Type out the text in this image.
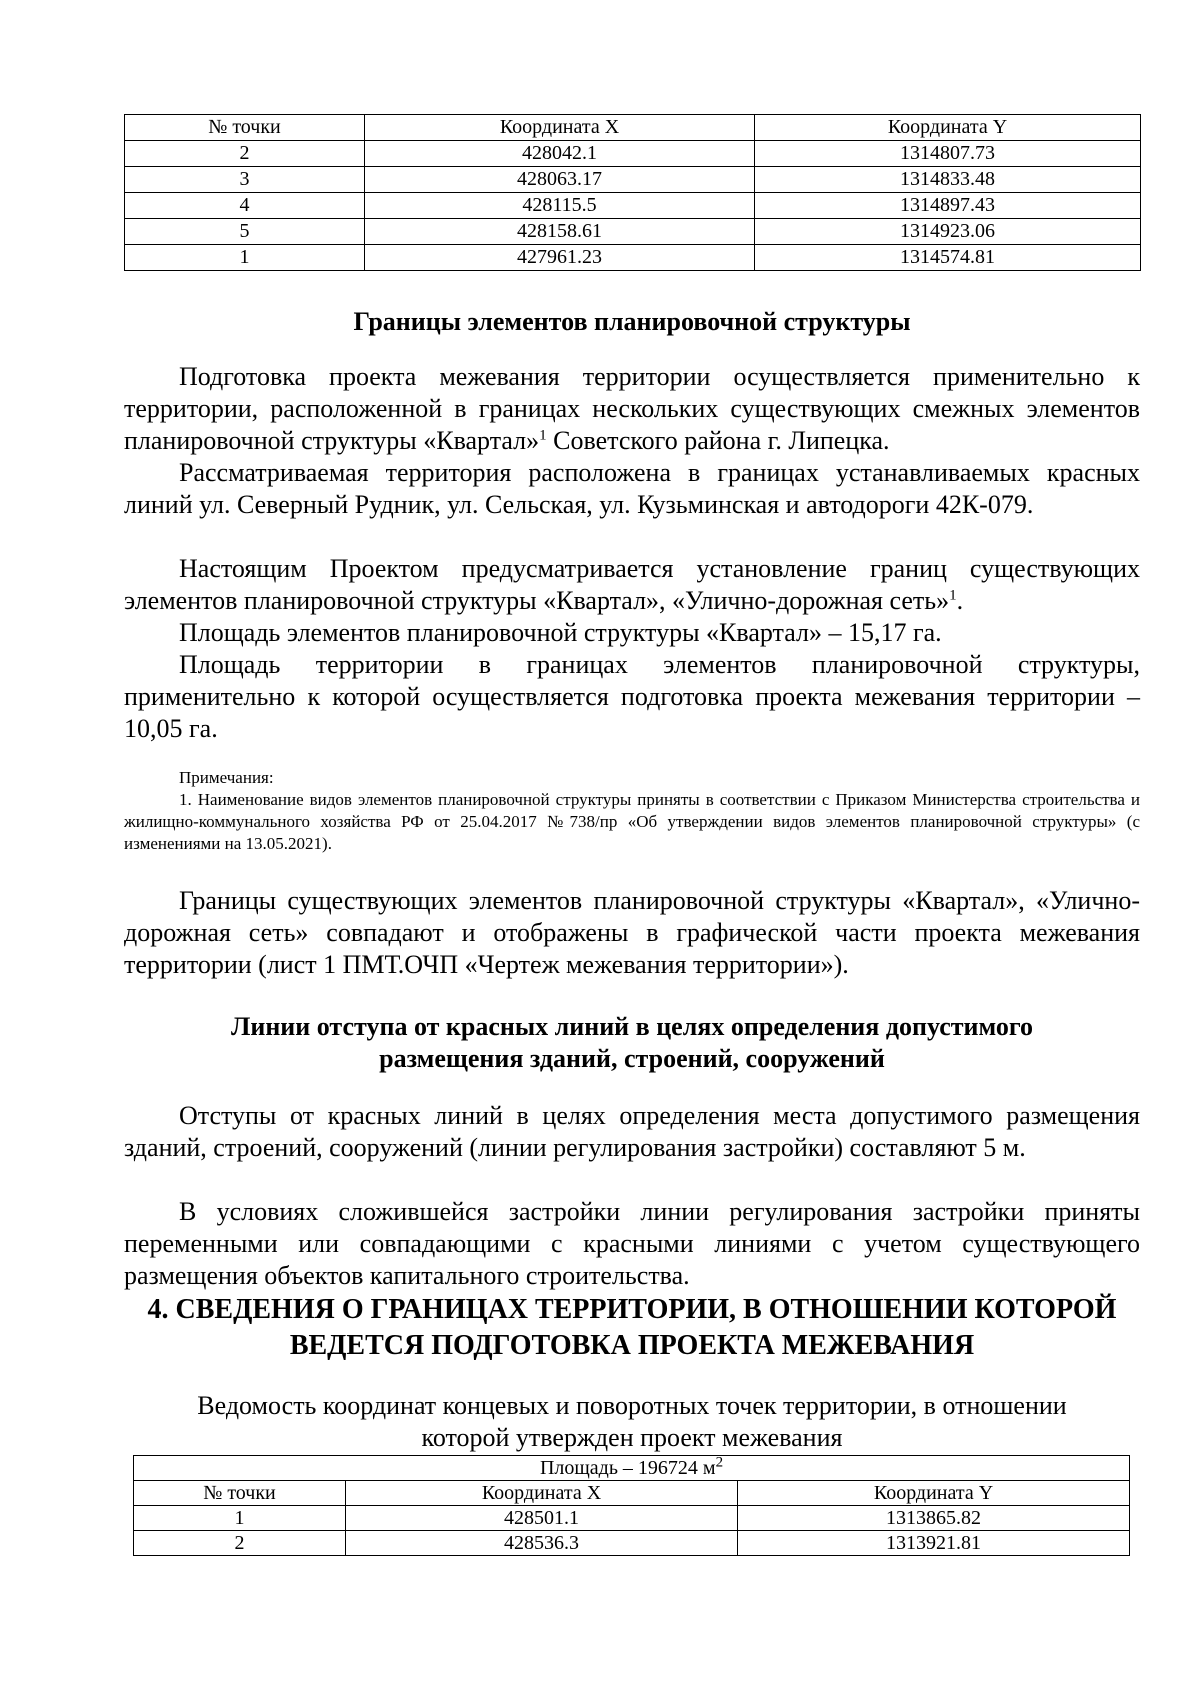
№ точки	Координата X	Координата Y
2	428042.1	1314807.73
3	428063.17	1314833.48
4	428115.5	1314897.43
5	428158.61	1314923.06
1	427961.23	1314574.81
Границы элементов планировочной структуры
Подготовка проекта межевания территории осуществляется применительно к территории, расположенной в границах нескольких существующих смежных элементов планировочной структуры «Квартал»$^1$ Советского района г. Липецка.
Рассматриваемая территория расположена в границах устанавливаемых красных линий ул. Северный Рудник, ул. Сельская, ул. Кузьминская и автодороги 42К-079.
Настоящим Проектом предусматривается установление границ существующих элементов планировочной структуры «Квартал», «Улично-дорожная сеть»$^1$.
Площадь элементов планировочной структуры «Квартал» – 15,17 га.
Площадь территории в границах элементов планировочной структуры, применительно к которой осуществляется подготовка проекта межевания территории – 10,05 га.
Примечания:
1. Наименование видов элементов планировочной структуры приняты в соответствии с Приказом Министерства строительства и жилищно-коммунального хозяйства РФ от 25.04.2017 №738/пр «Об утверждении видов элементов планировочной структуры» (с изменениями на 13.05.2021).
Границы существующих элементов планировочной структуры «Квартал», «Улично-дорожная сеть» совпадают и отображены в графической части проекта межевания территории (лист 1 ПМТ.ОЧП «Чертеж межевания территории»).
Линии отступа от красных линий в целях определения допустимого
размещения зданий, строений, сооружений
Отступы от красных линий в целях определения места допустимого размещения зданий, строений, сооружений (линии регулирования застройки) составляют 5 м.
В условиях сложившейся застройки линии регулирования застройки приняты переменными или совпадающими с красными линиями с учетом существующего размещения объектов капитального строительства.
4. СВЕДЕНИЯ О ГРАНИЦАХ ТЕРРИТОРИИ, В ОТНОШЕНИИ КОТОРОЙ
ВЕДЕТСЯ ПОДГОТОВКА ПРОЕКТА МЕЖЕВАНИЯ
Ведомость координат концевых и поворотных точек территории, в отношении
которой утвержден проект межевания
Площадь – 196724 $м^2$
№ точки	Координата X	Координата Y
1	428501.1	1313865.82
2	428536.3	1313921.81
